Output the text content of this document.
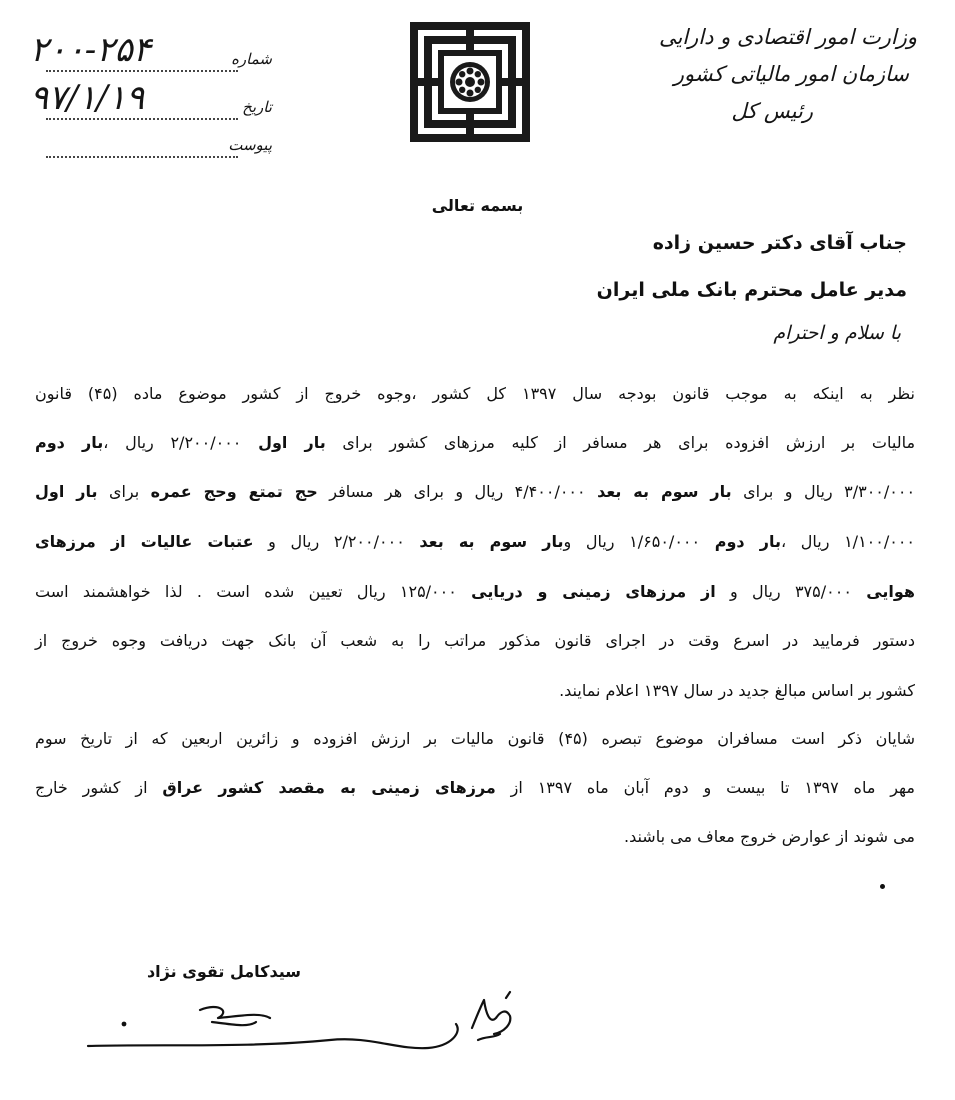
وزارت امور اقتصادی و دارایی
سازمان امور مالیاتی کشور
رئیس کل
۲۰۰-۲۵۴	شماره
۹۷/۱/۱۹	تاریخ
پیوست
بسمه تعالی
جناب آقای دکتر حسین زاده
مدیر عامل محترم بانک ملی ایران
با سلام و احترام
نظر به اینکه به موجب قانون بودجه سال ۱۳۹۷ کل کشور ،وجوه خروج از کشور موضوع ماده (۴۵) قانون
مالیات بر ارزش افزوده برای هر مسافر از کلیه مرزهای کشور برای بار اول ۲/۲۰۰/۰۰۰ ریال ،بار دوم
۳/۳۰۰/۰۰۰ ریال و برای بار سوم به بعد ۴/۴۰۰/۰۰۰ ریال و برای هر مسافر حج تمتع وحج عمره برای بار اول
۱/۱۰۰/۰۰۰ ریال ،بار دوم ۱/۶۵۰/۰۰۰ ریال وبار سوم به بعد ۲/۲۰۰/۰۰۰ ریال و عتبات عالیات از مرزهای
هوایی ۳۷۵/۰۰۰ ریال و از مرزهای زمینی و دریایی ۱۲۵/۰۰۰ ریال تعیین شده است . لذا خواهشمند است
دستور فرمایید در اسرع وقت در اجرای قانون مذکور مراتب را به شعب آن بانک جهت دریافت وجوه خروج از
کشور بر اساس مبالغ جدید در سال ۱۳۹۷ اعلام نمایند.
شایان ذکر است مسافران موضوع تبصره (۴۵) قانون مالیات بر ارزش افزوده و زائرین اربعین که از تاریخ سوم
مهر ماه ۱۳۹۷ تا بیست و دوم آبان ماه ۱۳۹۷ از مرزهای زمینی به مقصد کشور عراق از کشور خارج
می شوند از عوارض خروج معاف می باشند.
سیدکامل تقوی نژاد
